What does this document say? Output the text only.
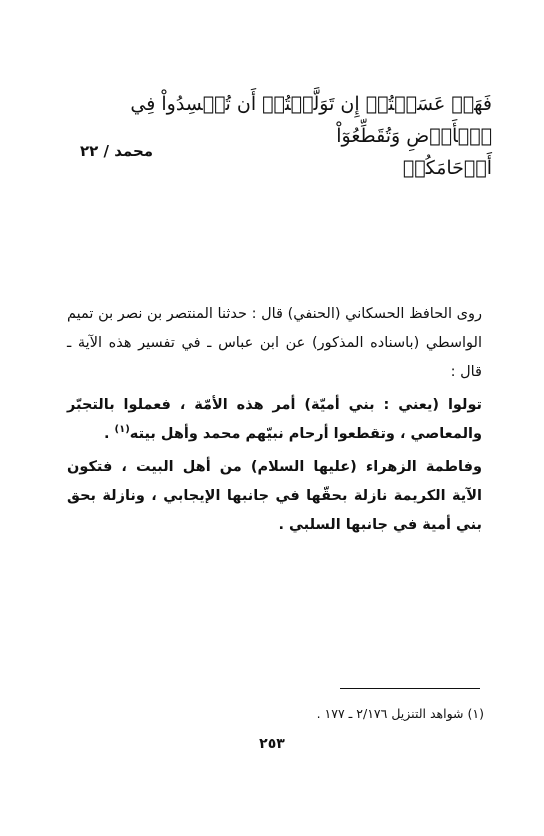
فَهَلۡ عَسَيۡتُمۡ إِن تَوَلَّيۡتُمۡ أَن تُفۡسِدُواْ فِي ٱلۡأَرۡضِ وَتُقَطِّعُوٓاْ
أَرۡحَامَكُمۡ
محمد / ٢٢

روى الحافظ الحسكاني (الحنفي) قال : حدثنا المنتصر بن نصر بن تميم الواسطي (باسناده المذكور) عن ابن عباس ـ في تفسير هذه الآية ـ قال :

تولوا (يعني : بني أميّة) أمر هذه الأمّة ، فعملوا بالتجبّر والمعاصي ، وتقطعوا أرحام نبيّهم محمد وأهل بيته$^{(١)}$ .

وفاطمة الزهراء (عليها السلام) من أهل البيت ، فتكون الآية الكريمة نازلة بحقّها في جانبها الإيجابي ، ونازلة بحق بني أمية في جانبها السلبي .

(١) شواهد التنزيل ٢/١٧٦ ـ ١٧٧ .
٢٥٣
